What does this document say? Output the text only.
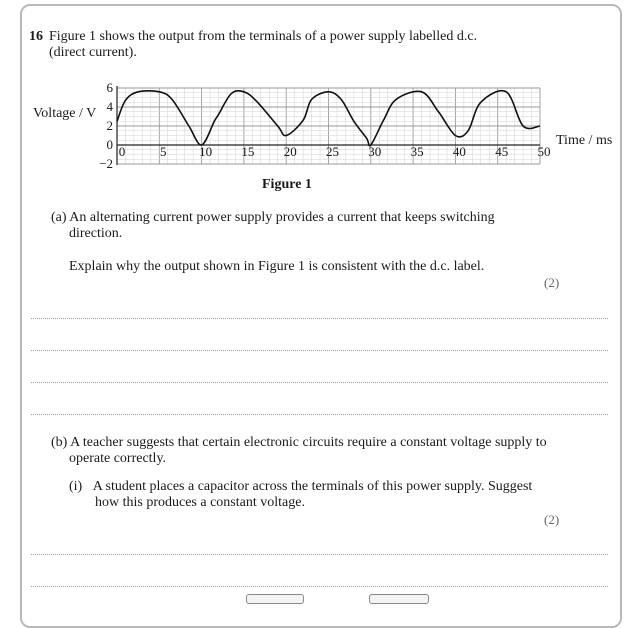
16 Figure 1 shows the output from the terminals of a power supply labelled d.c.
(direct current).
0	5	10 15 20 25 30 35 40 45 50
6
4
2
0
−2
Voltage / V
Time / ms
Figure 1
(a) An alternating current power supply provides a current that keeps switching
direction.
Explain why the output shown in Figure 1 is consistent with the d.c. label.
(2)
(b) A teacher suggests that certain electronic circuits require a constant voltage supply to
operate correctly.
(i) A student places a capacitor across the terminals of this power supply. Suggest
how this produces a constant voltage.
(2)
